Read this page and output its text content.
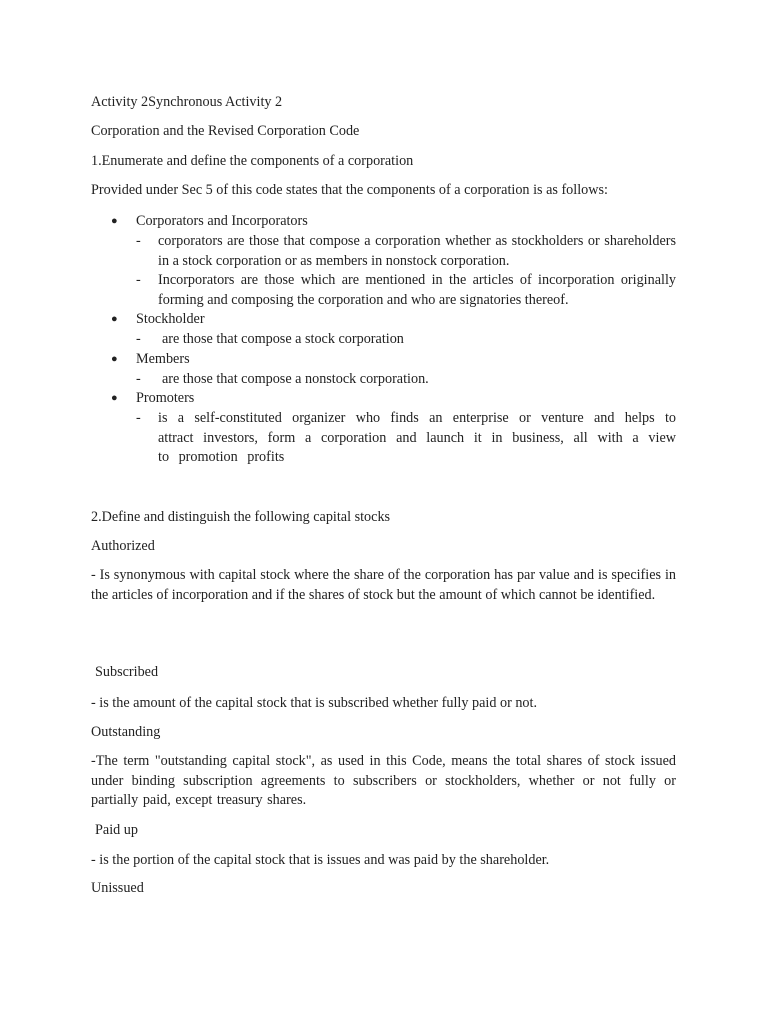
Activity 2Synchronous Activity 2
Corporation and the Revised Corporation Code
1.Enumerate and define the components of a corporation
Provided under Sec 5 of this code states that the components of a corporation is as follows:
● Corporators and Incorporators
- corporators are those that compose a corporation whether as stockholders or shareholders in a stock corporation or as members in nonstock corporation.
- Incorporators are those which are mentioned in the articles of incorporation originally forming and composing the corporation and who are signatories thereof.
● Stockholder
- are those that compose a stock corporation
● Members
- are those that compose a nonstock corporation.
● Promoters
- is a self-constituted organizer who finds an enterprise or venture and helps to attract investors, form a corporation and launch it in business, all with a view to promotion profits
2.Define and distinguish the following capital stocks
Authorized
- Is synonymous with capital stock where the share of the corporation has par value and is specifies in the articles of incorporation and if the shares of stock but the amount of which cannot be identified.
Subscribed
- is the amount of the capital stock that is subscribed whether fully paid or not.
Outstanding
-The term "outstanding capital stock", as used in this Code, means the total shares of stock issued under binding subscription agreements to subscribers or stockholders, whether or not fully or partially paid, except treasury shares.
Paid up
- is the portion of the capital stock that is issues and was paid by the shareholder.
Unissued
